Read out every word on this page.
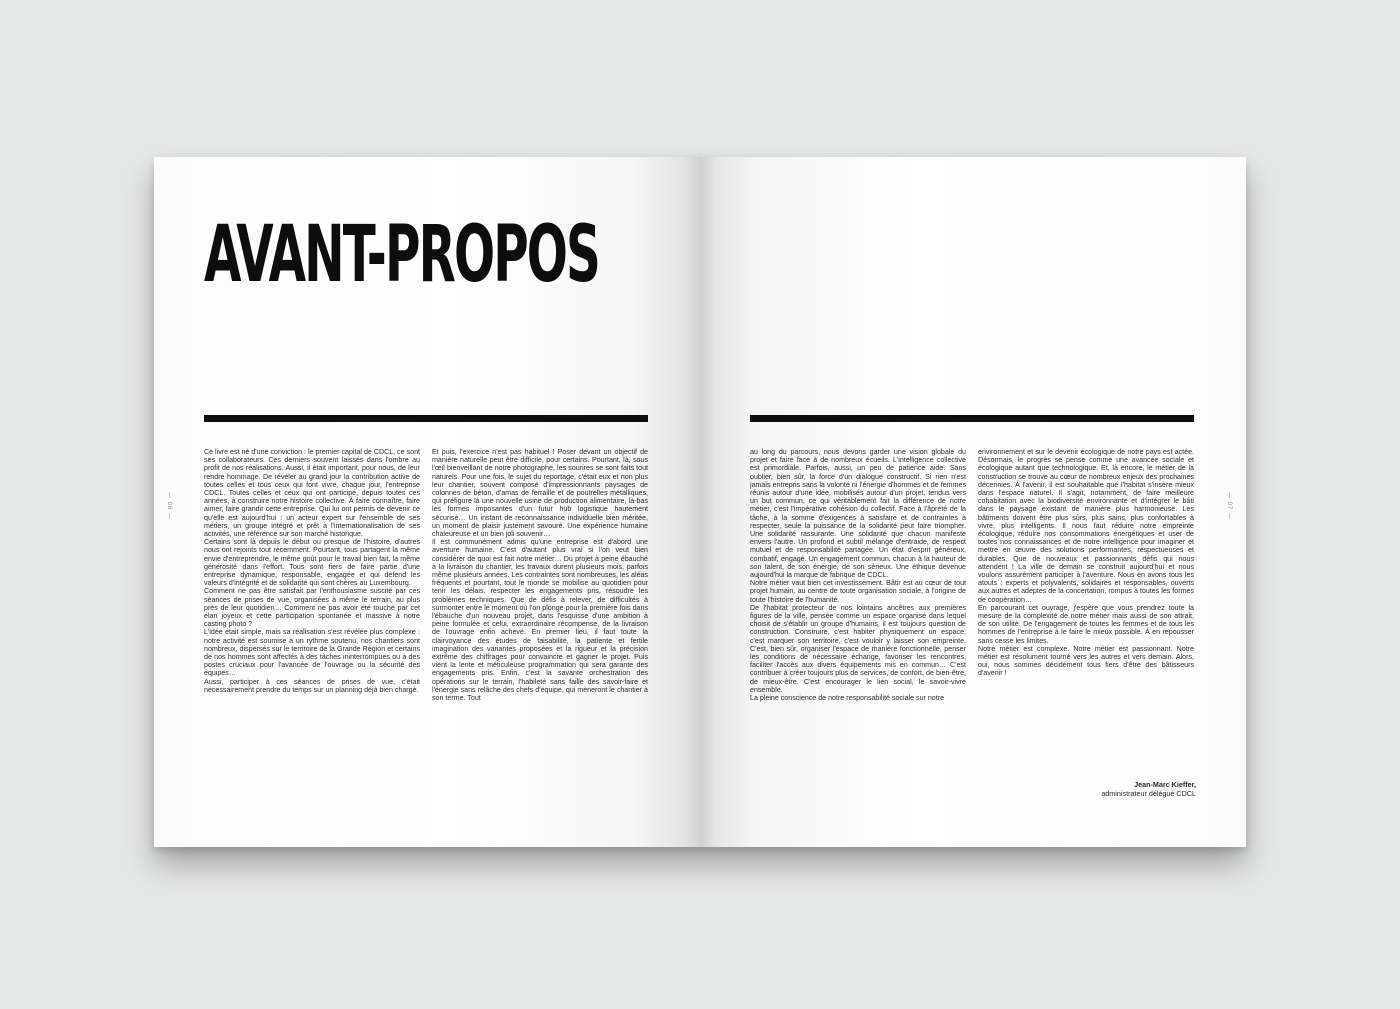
AVANT-PROPOS
— 06 —

Ce livre est né d'une conviction : le premier capital de CDCL, ce sont ses collaborateurs. Ces derniers souvent laissés dans l'ombre au profit de nos réalisations. Aussi, il était important, pour nous, de leur rendre hommage. De révéler au grand jour la contribution active de toutes celles et tous ceux qui font vivre, chaque jour, l'entreprise CDCL. Toutes celles et ceux qui ont participé, depuis toutes ces années, à construire notre histoire collective. À faire connaître, faire aimer, faire grandir cette entreprise. Qui lui ont permis de devenir ce qu'elle est aujourd'hui : un acteur expert sur l'ensemble de ses métiers, un groupe intégré et prêt à l'internationalisation de ses activités, une référence sur son marché historique.

Certains sont là depuis le début ou presque de l'histoire, d'autres nous ont rejoints tout récemment. Pourtant, tous partagent la même envie d'entreprendre, le même goût pour le travail bien fait, la même générosité dans l'effort. Tous sont fiers de faire partie d'une entreprise dynamique, responsable, engagée et qui défend les valeurs d'intégrité et de solidarité qui sont chères au Luxembourg.

Comment ne pas être satisfait par l'enthousiasme suscité par ces séances de prises de vue, organisées à même le terrain, au plus près de leur quotidien… Comment ne pas avoir été touché par cet élan joyeux et cette participation spontanée et massive à notre casting photo ?

L'idée était simple, mais sa réalisation s'est révélée plus complexe : notre activité est soumise à un rythme soutenu, nos chantiers sont nombreux, dispersés sur le territoire de la Grande Région et certains de nos hommes sont affectés à des tâches ininterrompues ou à des postes cruciaux pour l'avancée de l'ouvrage ou la sécurité des équipes…

Aussi, participer à ces séances de prises de vue, c'était nécessairement prendre du temps sur un planning déjà bien chargé.

Et puis, l'exercice n'est pas habituel ! Poser devant un objectif de manière naturelle peut être difficile, pour certains. Pourtant, là, sous l'œil bienveillant de notre photographe, les sourires se sont faits tout naturels. Pour une fois, le sujet du reportage, c'était eux et non plus leur chantier, souvent composé d'impressionnants paysages de colonnes de béton, d'amas de ferraille et de poutrelles métalliques, qui préfigure là une nouvelle usine de production alimentaire, là-bas les formes imposantes d'un futur hub logistique hautement sécurisé… Un instant de reconnaissance individuelle bien méritée, un moment de plaisir justement savouré. Une expérience humaine chaleureuse et un bien joli souvenir…

Il est communément admis qu'une entreprise est d'abord une aventure humaine. C'est d'autant plus vrai si l'on veut bien considérer de quoi est fait notre métier… Du projet à peine ébauché à la livraison du chantier, les travaux durent plusieurs mois, parfois même plusieurs années. Les contraintes sont nombreuses, les aléas fréquents et pourtant, tout le monde se mobilise au quotidien pour tenir les délais, respecter les engagements pris, résoudre les problèmes techniques. Que de défis à relever, de difficultés à surmonter entre le moment où l'on plonge pour la première fois dans l'ébauche d'un nouveau projet, dans l'esquisse d'une ambition à peine formulée et celui, extraordinaire récompense, de la livraison de l'ouvrage enfin achevé. En premier lieu, il faut toute la clairvoyance des études de faisabilité, la patiente et fertile imagination des variantes proposées et la rigueur et la précision extrême des chiffrages pour convaincre et gagner le projet. Puis vient la lente et méticuleuse programmation qui sera garante des engagements pris. Enfin, c'est la savante orchestration des opérations sur le terrain, l'habileté sans faille des savoir-faire et l'énergie sans relâche des chefs d'équipe, qui mèneront le chantier à son terme. Tout

— 07 —

au long du parcours, nous devons garder une vision globale du projet et faire face à de nombreux écueils. L'intelligence collective est primordiale. Parfois, aussi, un peu de patience aide. Sans oublier, bien sûr, la force d'un dialogue constructif. Si rien n'est jamais entrepris sans la volonté ni l'énergie d'hommes et de femmes réunis autour d'une idée, mobilisés autour d'un projet, tendus vers un but commun, ce qui véritablement fait la différence de notre métier, c'est l'impérative cohésion du collectif. Face à l'âpreté de la tâche, à la somme d'exigences à satisfaire et de contraintes à respecter, seule la puissance de la solidarité peut faire triompher. Une solidarité rassurante. Une solidarité que chacun manifeste envers l'autre. Un profond et subtil mélange d'entraide, de respect mutuel et de responsabilité partagée. Un état d'esprit généreux, combatif, engagé. Un engagement commun, chacun à la hauteur de son talent, de son énergie, de son sérieux. Une éthique devenue aujourd'hui la marque de fabrique de CDCL.

Notre métier vaut bien cet investissement. Bâtir est au cœur de tout projet humain, au centre de toute organisation sociale, à l'origine de toute l'histoire de l'humanité.

De l'habitat protecteur de nos lointains ancêtres aux premières figures de la ville, pensée comme un espace organisé dans lequel choisit de s'établir un groupe d'humains, il est toujours question de construction. Construire, c'est habiter physiquement un espace, c'est marquer son territoire, c'est vouloir y laisser son empreinte. C'est, bien sûr, organiser l'espace de manière fonctionnelle, penser les conditions de nécessaire échange, favoriser les rencontres, faciliter l'accès aux divers équipements mis en commun… C'est contribuer à créer toujours plus de services, de confort, de bien-être, de mieux-être. C'est encourager le lien social, le savoir-vivre ensemble.

La pleine conscience de notre responsabilité sociale sur notre

environnement et sur le devenir écologique de notre pays est actée. Désormais, le progrès se pense comme une avancée sociale et écologique autant que technologique. Et, là encore, le métier de la construction se trouve au cœur de nombreux enjeux des prochaines décennies. À l'avenir, il est souhaitable que l'habitat s'insère mieux dans l'espace naturel. Il s'agit, notamment, de faire meilleure cohabitation avec la biodiversité environnante et d'intégrer le bâti dans le paysage existant de manière plus harmonieuse. Les bâtiments doivent être plus sûrs, plus sains, plus confortables à vivre, plus intelligents. Il nous faut réduire notre empreinte écologique, réduire nos consommations énergétiques et user de toutes nos connaissances et de notre intelligence pour imaginer et mettre en œuvre des solutions performantes, respectueuses et durables. Que de nouveaux et passionnants défis qui nous attendent ! La ville de demain se construit aujourd'hui et nous voulons assurément participer à l'aventure. Nous en avons tous les atouts : experts et polyvalents, solidaires et responsables, ouverts aux autres et adeptes de la concertation, rompus à toutes les formes de coopération…

En parcourant cet ouvrage, j'espère que vous prendrez toute la mesure de la complexité de notre métier mais aussi de son attrait, de son utilité. De l'engagement de toutes les femmes et de tous les hommes de l'entreprise à le faire le mieux possible. À en repousser sans cesse les limites.

Notre métier est complexe. Notre métier est passionnant. Notre métier est résolument tourné vers les autres et vers demain. Alors, oui, nous sommes décidément tous fiers d'être des bâtisseurs d'avenir !

Jean-Marc Kieffer,
administrateur délégué CDCL
